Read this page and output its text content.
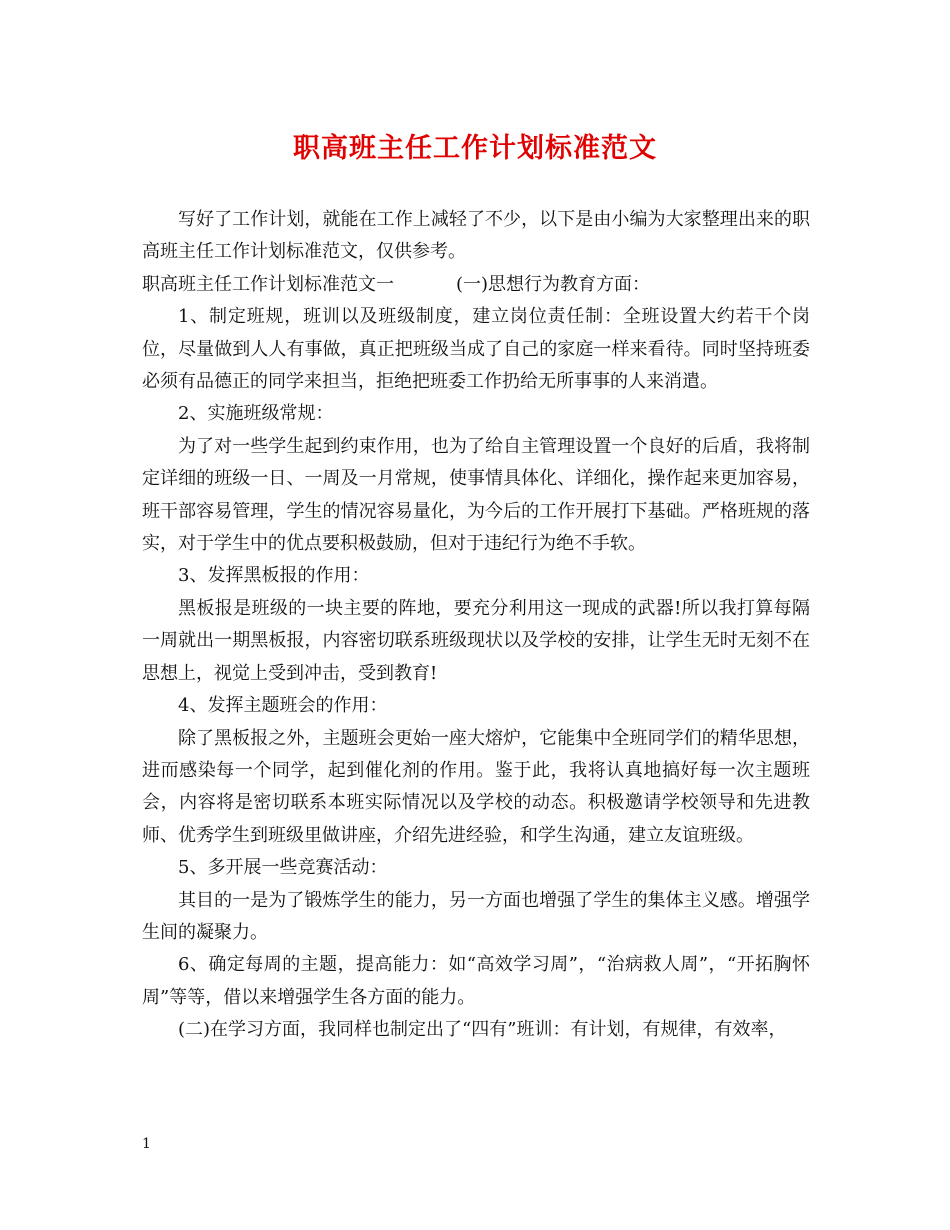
职高班主任工作计划标准范文

写好了工作计划，就能在工作上减轻了不少，以下是由小编为大家整理出来的职高班主任工作计划标准范文，仅供参考。

职高班主任工作计划标准范文一	(一)思想行为教育方面：

1、制定班规，班训以及班级制度，建立岗位责任制：全班设置大约若干个岗位，尽量做到人人有事做，真正把班级当成了自己的家庭一样来看待。同时坚持班委必须有品德正的同学来担当，拒绝把班委工作扔给无所事事的人来消遣。

2、实施班级常规：

为了对一些学生起到约束作用，也为了给自主管理设置一个良好的后盾，我将制定详细的班级一日、一周及一月常规，使事情具体化、详细化，操作起来更加容易，班干部容易管理，学生的情况容易量化，为今后的工作开展打下基础。严格班规的落实，对于学生中的优点要积极鼓励，但对于违纪行为绝不手软。

3、发挥黑板报的作用：

黑板报是班级的一块主要的阵地，要充分利用这一现成的武器!所以我打算每隔一周就出一期黑板报，内容密切联系班级现状以及学校的安排，让学生无时无刻不在思想上，视觉上受到冲击，受到教育!

4、发挥主题班会的作用：

除了黑板报之外，主题班会更始一座大熔炉，它能集中全班同学们的精华思想，进而感染每一个同学，起到催化剂的作用。鉴于此，我将认真地搞好每一次主题班会，内容将是密切联系本班实际情况以及学校的动态。积极邀请学校领导和先进教师、优秀学生到班级里做讲座，介绍先进经验，和学生沟通，建立友谊班级。

5、多开展一些竞赛活动：

其目的一是为了锻炼学生的能力，另一方面也增强了学生的集体主义感。增强学生间的凝聚力。

6、确定每周的主题，提高能力：如“高效学习周”，“治病救人周”，“开拓胸怀周”等等，借以来增强学生各方面的能力。

(二)在学习方面，我同样也制定出了“四有”班训：有计划，有规律，有效率，

1
